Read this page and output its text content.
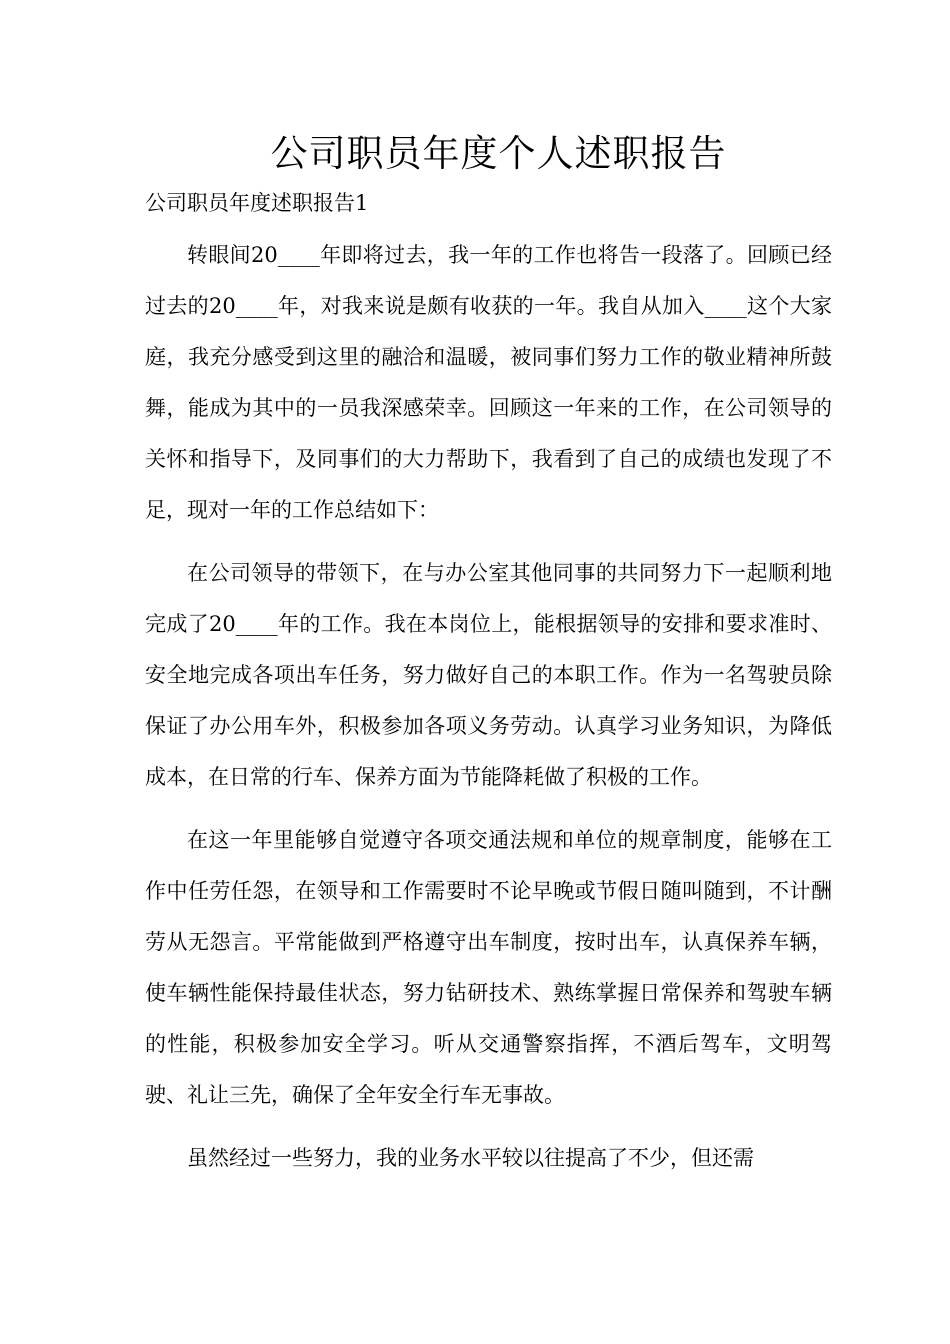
公司职员年度个人述职报告
公司职员年度述职报告1

转眼间20____年即将过去，我一年的工作也将告一段落了。回顾已经过去的20____年，对我来说是颇有收获的一年。我自从加入____这个大家庭，我充分感受到这里的融洽和温暖，被同事们努力工作的敬业精神所鼓舞，能成为其中的一员我深感荣幸。回顾这一年来的工作，在公司领导的关怀和指导下，及同事们的大力帮助下，我看到了自己的成绩也发现了不足，现对一年的工作总结如下：

在公司领导的带领下，在与办公室其他同事的共同努力下一起顺利地完成了20____年的工作。我在本岗位上，能根据领导的安排和要求准时、安全地完成各项出车任务，努力做好自己的本职工作。作为一名驾驶员除保证了办公用车外，积极参加各项义务劳动。认真学习业务知识，为降低成本，在日常的行车、保养方面为节能降耗做了积极的工作。

在这一年里能够自觉遵守各项交通法规和单位的规章制度，能够在工作中任劳任怨，在领导和工作需要时不论早晚或节假日随叫随到，不计酬劳从无怨言。平常能做到严格遵守出车制度，按时出车，认真保养车辆，使车辆性能保持最佳状态，努力钻研技术、熟练掌握日常保养和驾驶车辆的性能，积极参加安全学习。听从交通警察指挥，不酒后驾车，文明驾驶、礼让三先，确保了全年安全行车无事故。

虽然经过一些努力，我的业务水平较以往提高了不少，但还需
